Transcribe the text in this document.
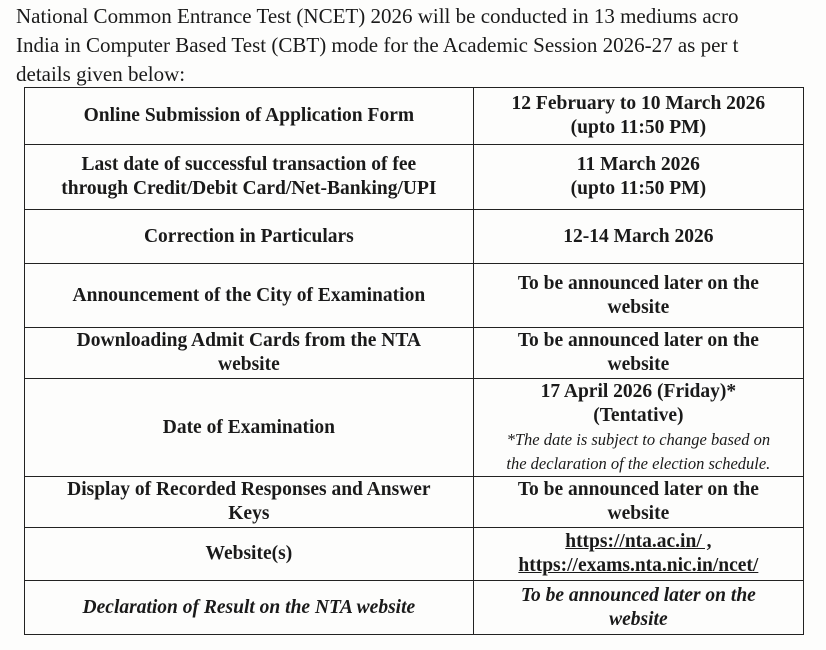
National Common Entrance Test (NCET) 2026 will be conducted in 13 mediums acro
India in Computer Based Test (CBT) mode for the Academic Session 2026-27 as per t
details given below:
Online Submission of Application Form	12 February to 10 March 2026
(upto 11:50 PM)
Last date of successful transaction of fee
through Credit/Debit Card/Net-Banking/UPI	11 March 2026
(upto 11:50 PM)
Correction in Particulars	12-14 March 2026
Announcement of the City of Examination	To be announced later on the
website
Downloading Admit Cards from the NTA
website	To be announced later on the
website
Date of Examination	17 April 2026 (Friday)*
(Tentative)
*The date is subject to change based on
the declaration of the election schedule.
Display of Recorded Responses and Answer
Keys	To be announced later on the
website
Website(s)	https://nta.ac.in/ ,
https://exams.nta.nic.in/ncet/
Declaration of Result on the NTA website	To be announced later on the
website
